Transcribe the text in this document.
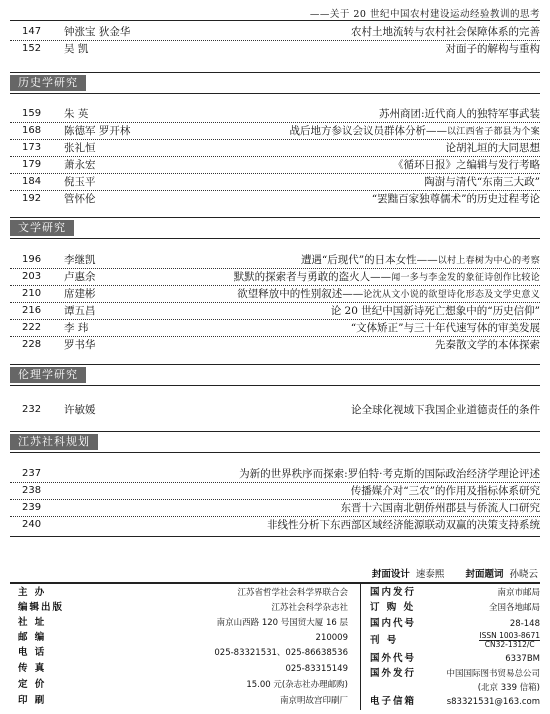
——关于 20 世纪中国农村建设运动经验教训的思考
147	钟涨宝 狄金华	农村土地流转与农村社会保障体系的完善
152	吴 凯	对面子的解构与重构
历史学研究
159	朱 英	苏州商团:近代商人的独特军事武装
168	陈德军 罗开林	战后地方参议会议员群体分析——以江西省子都县为个案
173	张礼恒	论胡礼垣的大同思想
179	萧永宏	《循环日报》之编辑与发行考略
184	倪玉平	陶澍与清代“东南三大政”
192	管怀伦	“罢黜百家独尊儒术”的历史过程考论
文学研究
196	李继凯	遭遇“后现代”的日本女性——以村上春树为中心的考察
203	卢惠余	默默的探索者与勇敢的盗火人——闻一多与李金发的象征诗创作比较论
210	席建彬	欲望释放中的性别叙述——论沈从文小说的欲望诗化形态及文学史意义
216	谭五昌	论 20 世纪中国新诗死亡想象中的“历史信仰”
222	李 玮	“文体矫正”与三十年代速写体的审美发展
228	罗书华	先秦散文学的本体探索
伦理学研究
232	许敏媛	论全球化视域下我国企业道德责任的条件
江苏社科规划
237	为新的世界秩序而探索:罗伯特·考克斯的国际政治经济学理论评述
238	传播媒介对“三农”的作用及指标体系研究
239	东晋十六国南北朝侨州郡县与侨流人口研究
240	非线性分析下东西部区域经济能源联动双赢的决策支持系统
封面设计 速泰熙 封面题词 孙晓云
主 办	江苏省哲学社会科学界联合会
编辑出版	江苏社会科学杂志社
社 址	南京山西路 120 号国贸大厦 16 层
邮 编	210009
电 话	025-83321531、025-86638536
传 真	025-83315149
定 价	15.00 元(杂志社办理邮购)
印 刷	南京明故宫印刷厂
国内发行	南京市邮局
订 购 处	全国各地邮局
国内代号	28-148
刊 号	ISSN 1003-8671
CN32-1312/C
国外代号	6337BM
国外发行	中国国际图书贸易总公司
(北京 339 信箱)
电子信箱	s83321531@163.com
